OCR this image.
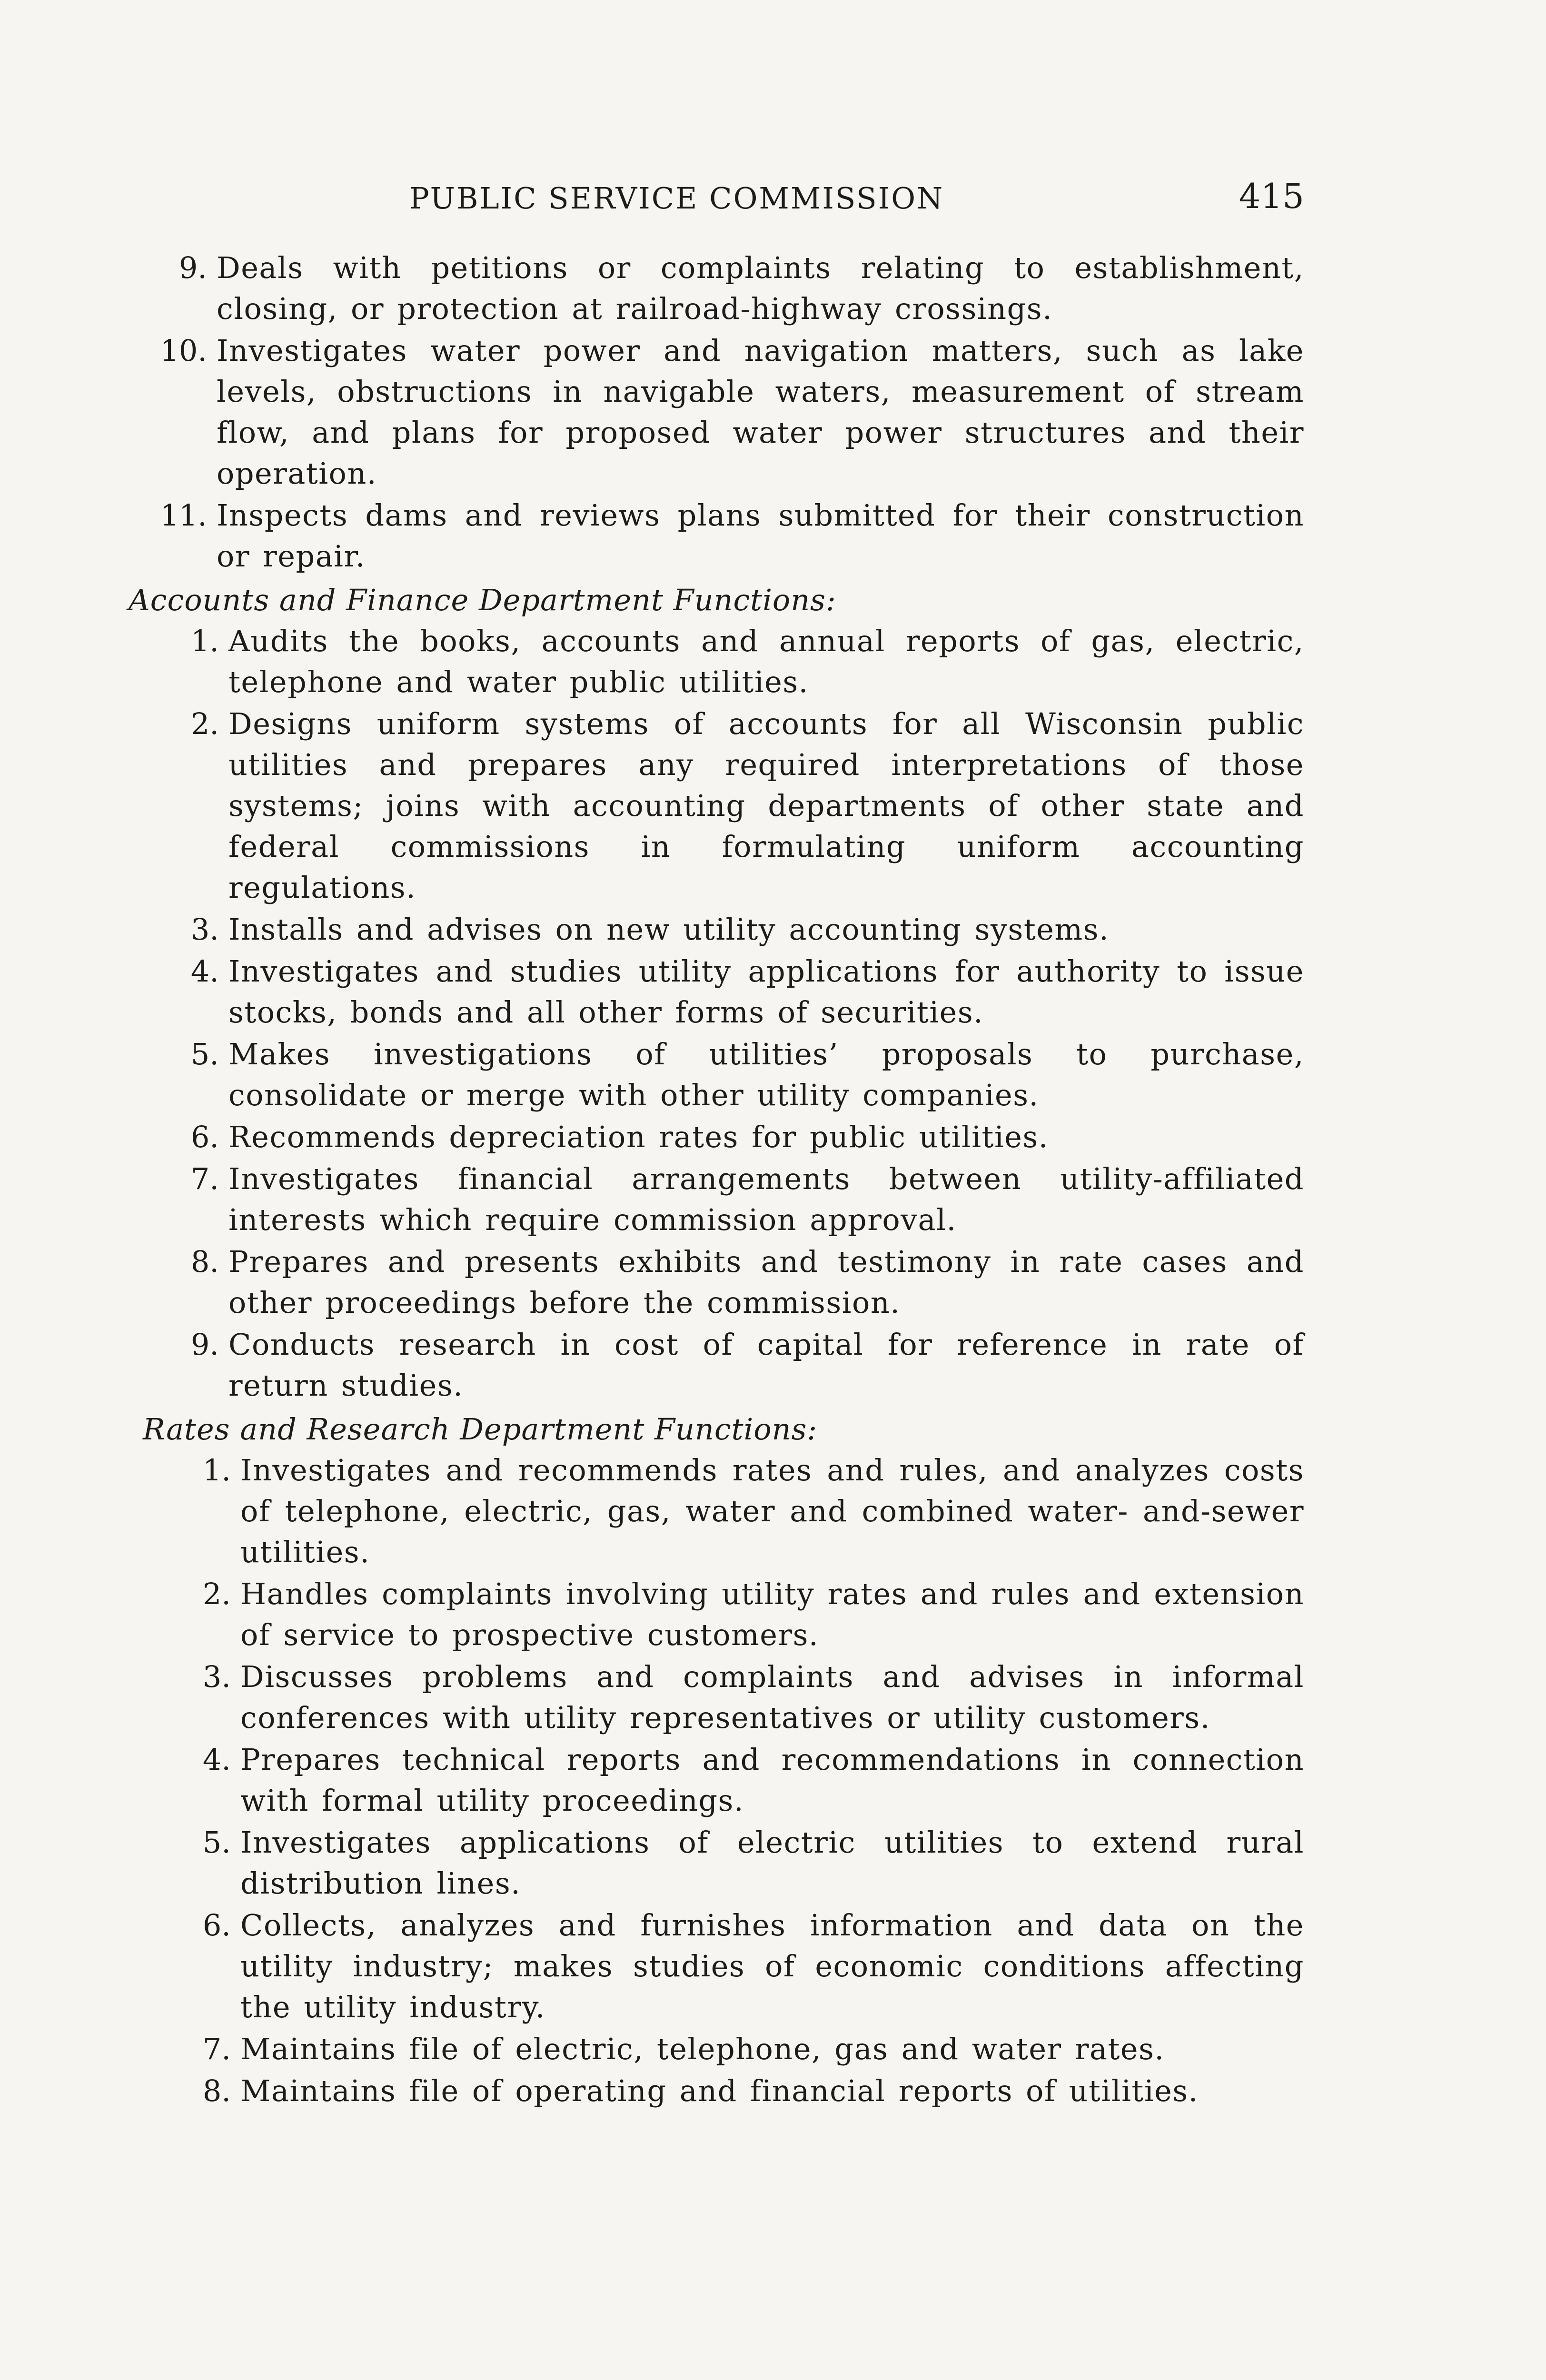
PUBLIC SERVICE COMMISSION	415
9. Deals with petitions or complaints relating to establishment, closing, or protection at railroad-highway crossings.
10. Investigates water power and navigation matters, such as lake levels, obstructions in navigable waters, measurement of stream flow, and plans for proposed water power structures and their operation.
11. Inspects dams and reviews plans submitted for their construction or repair.
Accounts and Finance Department Functions:
1. Audits the books, accounts and annual reports of gas, electric, telephone and water public utilities.
2. Designs uniform systems of accounts for all Wisconsin public utilities and prepares any required interpretations of those systems; joins with accounting departments of other state and federal commissions in formulating uniform accounting regulations.
3. Installs and advises on new utility accounting systems.
4. Investigates and studies utility applications for authority to issue stocks, bonds and all other forms of securities.
5. Makes investigations of utilities’ proposals to purchase, consolidate or merge with other utility companies.
6. Recommends depreciation rates for public utilities.
7. Investigates financial arrangements between utility-affiliated interests which require commission approval.
8. Prepares and presents exhibits and testimony in rate cases and other proceedings before the commission.
9. Conducts research in cost of capital for reference in rate of return studies.
Rates and Research Department Functions:
1. Investigates and recommends rates and rules, and analyzes costs of telephone, electric, gas, water and combined water- and-sewer utilities.
2. Handles complaints involving utility rates and rules and extension of service to prospective customers.
3. Discusses problems and complaints and advises in informal conferences with utility representatives or utility customers.
4. Prepares technical reports and recommendations in connection with formal utility proceedings.
5. Investigates applications of electric utilities to extend rural distribution lines.
6. Collects, analyzes and furnishes information and data on the utility industry; makes studies of economic conditions affecting the utility industry.
7. Maintains file of electric, telephone, gas and water rates.
8. Maintains file of operating and financial reports of utilities.
